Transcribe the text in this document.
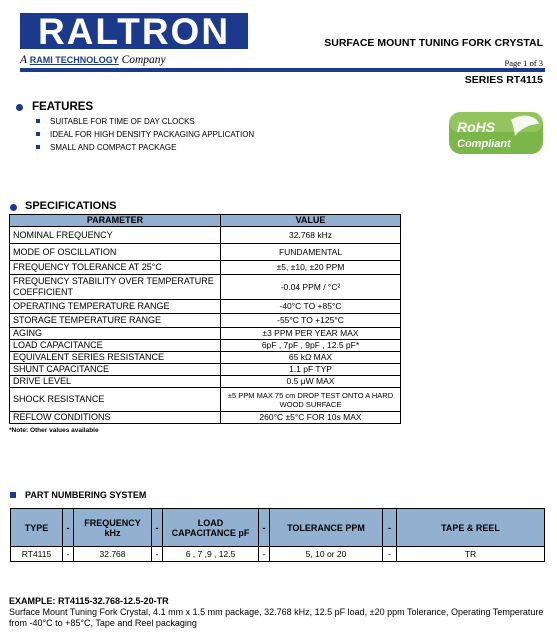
RALTRON
A RAMI TECHNOLOGY Company
SURFACE MOUNT TUNING FORK CRYSTAL
Page 1 of 3
SERIES RT4115
FEATURES
SUITABLE FOR TIME OF DAY CLOCKS
IDEAL FOR HIGH DENSITY PACKAGING APPLICATION
SMALL AND COMPACT PACKAGE
RoHS
Compliant
SPECIFICATIONS
PARAMETER	VALUE
NOMINAL FREQUENCY	32.768 kHz
MODE OF OSCILLATION	FUNDAMENTAL
FREQUENCY TOLERANCE AT 25°C	±5, ±10, ±20 PPM
FREQUENCY STABILITY OVER TEMPERATURE COEFFICIENT	-0.04 PPM / °C²
OPERATING TEMPERATURE RANGE	-40°C TO +85°C
STORAGE TEMPERATURE RANGE	-55°C TO +125°C
AGING	±3 PPM PER YEAR MAX
LOAD CAPACITANCE	6pF , 7pF , 9pF , 12.5 pF*
EQUIVALENT SERIES RESISTANCE	65 kΩ MAX
SHUNT CAPACITANCE	1.1 pF TYP
DRIVE LEVEL	0.5 μW MAX
SHOCK RESISTANCE	±5 PPM MAX 75 cm DROP TEST ONTO A HARD WOOD SURFACE
REFLOW CONDITIONS	260°C ±5°C FOR 10s MAX
*Note: Other values available
PART NUMBERING SYSTEM
TYPE	-	FREQUENCY kHz	-	LOAD CAPACITANCE pF	-	TOLERANCE PPM	-	TAPE & REEL
RT4115	-	32.768	-	6 , 7 ,9 , 12.5	-	5, 10 or 20	-	TR
EXAMPLE: RT4115-32.768-12.5-20-TR
Surface Mount Tuning Fork Crystal, 4.1 mm x 1.5 mm package, 32.768 kHz, 12.5 pF load, ±20 ppm Tolerance, Operating Temperature from -40°C to +85°C, Tape and Reel packaging
